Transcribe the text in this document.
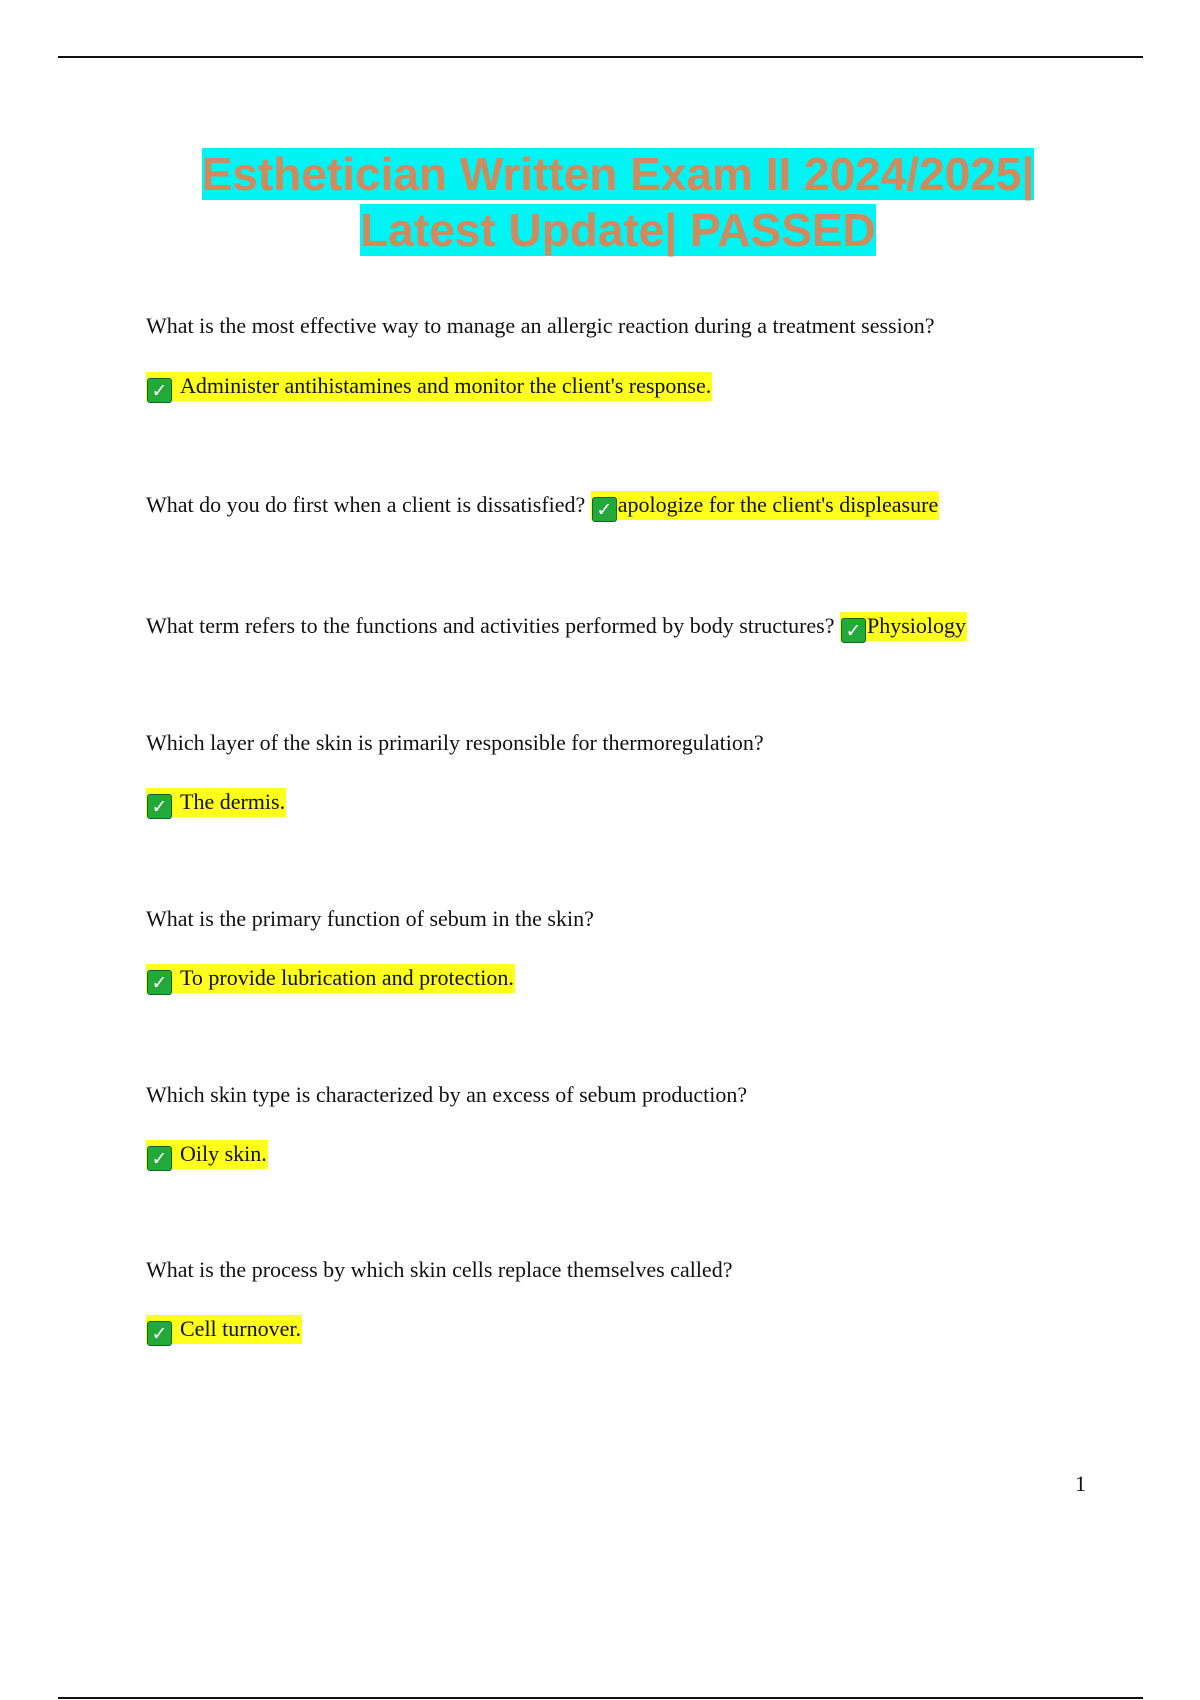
Esthetician Written Exam II 2024/2025|
Latest Update| PASSED
What is the most effective way to manage an allergic reaction during a treatment session?
✓ Administer antihistamines and monitor the client's response.
What do you do first when a client is dissatisfied? ✓ apologize for the client's displeasure
What term refers to the functions and activities performed by body structures? ✓ Physiology
Which layer of the skin is primarily responsible for thermoregulation?
✓ The dermis.
What is the primary function of sebum in the skin?
✓ To provide lubrication and protection.
Which skin type is characterized by an excess of sebum production?
✓ Oily skin.
What is the process by which skin cells replace themselves called?
✓ Cell turnover.
1
